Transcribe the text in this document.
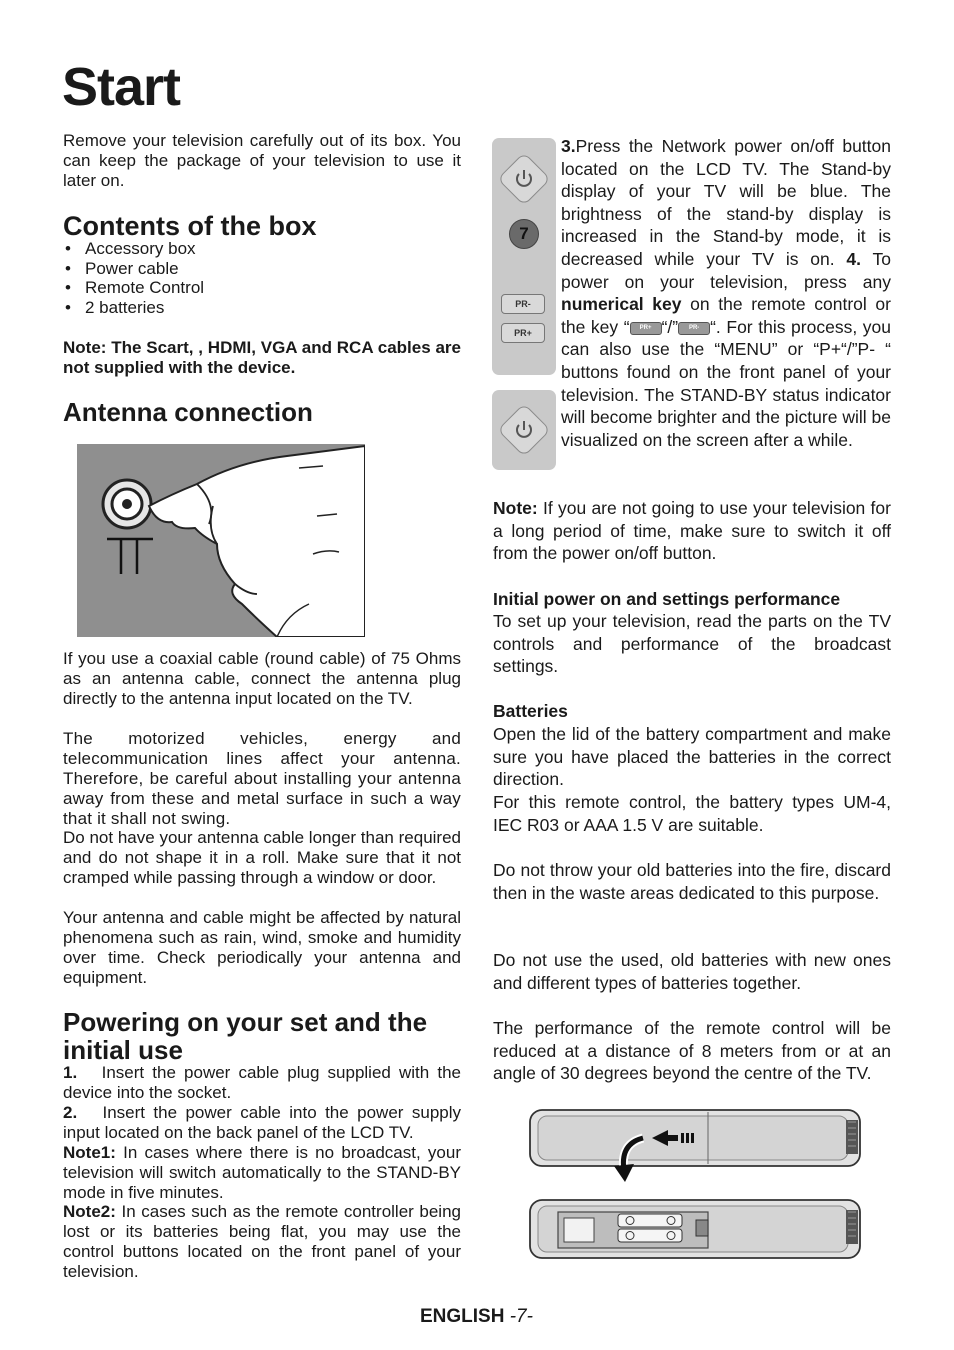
Start

Remove your television carefully out of its box. You can keep the package of your television to use it later on.

Contents of the box
• Accessory box
• Power cable
• Remote Control
• 2 batteries

Note: The Scart, , HDMI, VGA and RCA cables are not supplied with the device.

Antenna connection

If you use a coaxial cable (round cable) of 75 Ohms as an antenna cable, connect the antenna plug directly to the antenna input located on the TV.

The motorized vehicles, energy and telecommunication lines affect your antenna. Therefore, be careful about installing your antenna away from these and metal surface in such a way that it shall not swing.

Do not have your antenna cable longer than required and do not shape it in a roll. Make sure that it not cramped while passing through a window or door.

Your antenna and cable might be affected by natural phenomena such as rain, wind, smoke and humidity over time. Check periodically your antenna and equipment.

Powering on your set and the initial use

1. Insert the power cable plug supplied with the device into the socket.

2. Insert the power cable into the power supply input located on the back panel of the LCD TV.

Note1: In cases where there is no broadcast, your television will switch automatically to the STAND-BY mode in five minutes.

Note2: In cases such as the remote controller being lost or its batteries being flat, you may use the control buttons located on the front panel of your television.

7
PR-
PR+
3.Press the Network power on/off button located on the LCD TV. The Stand-by display of your TV will be blue. The brightness of the stand-by display is increased in the Stand-by mode, it is decreased while your TV is on. 4. To power on your television, press any numerical key on the remote control or the key “ PR+ “/” PR- “. For this process, you can also use the “MENU” or “P+“/”P- “ buttons found on the front panel of your television. The STAND-BY status indicator will become brighter and the picture will be visualized on the screen after a while.

Note: If you are not going to use your television for a long period of time, make sure to switch it off from the power on/off button.

Initial power on and settings performance

To set up your television, read the parts on the TV controls and performance of the broadcast settings.

Batteries

Open the lid of the battery compartment and make sure you have placed the batteries in the correct direction.

For this remote control, the battery types UM-4, IEC R03 or AAA 1.5 V are suitable.

Do not throw your old batteries into the fire, discard then in the waste areas dedicated to this purpose.

Do not use the used, old batteries with new ones and different types of batteries together.

The performance of the remote control will be reduced at a distance of 8 meters from or at an angle of 30 degrees beyond the centre of the TV.

ENGLISH -7-
